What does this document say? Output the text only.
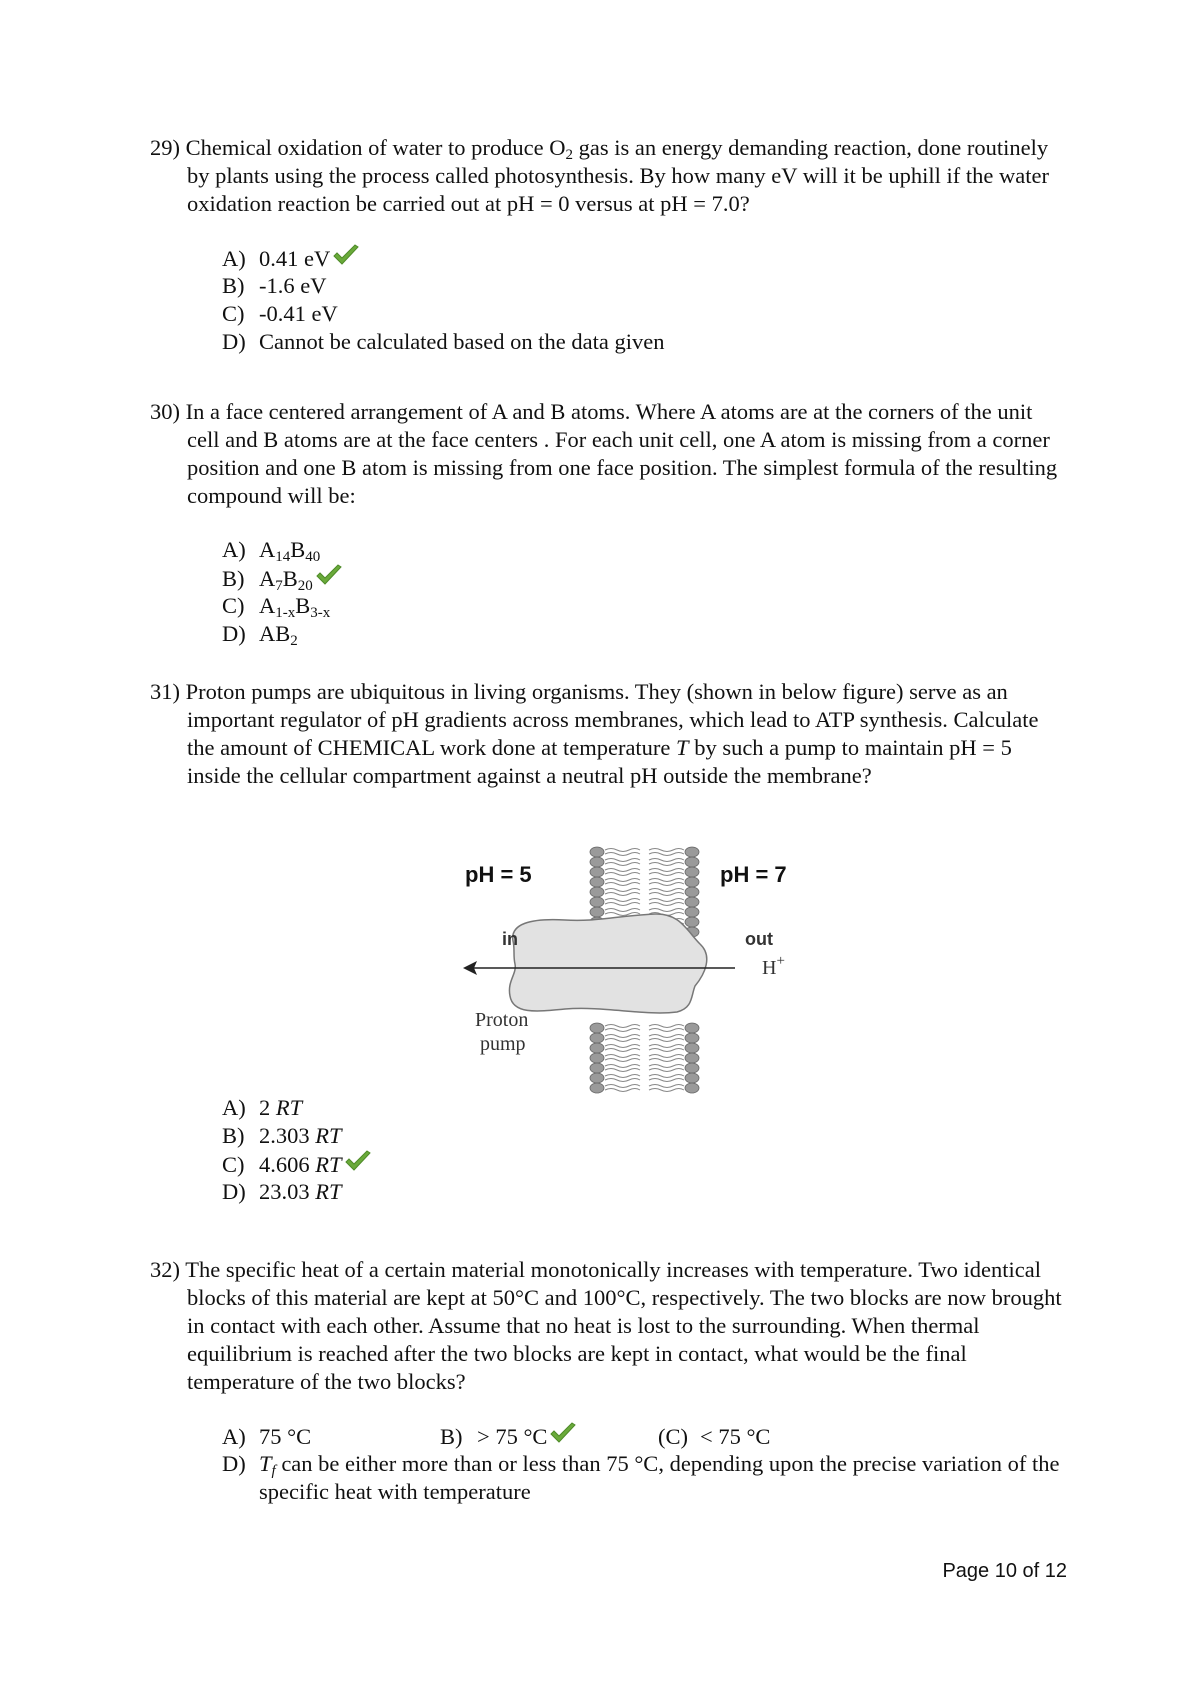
29) Chemical oxidation of water to produce $O_2$ gas is an energy demanding reaction, done routinely by plants using the process called photosynthesis. By how many eV will it be uphill if the water oxidation reaction be carried out at pH = 0 versus at pH = 7.0?

A) 0.41 eV
B) -1.6 eV
C) -0.41 eV
D) Cannot be calculated based on the data given

30) In a face centered arrangement of A and B atoms. Where A atoms are at the corners of the unit cell and B atoms are at the face centers . For each unit cell, one A atom is missing from a corner position and one B atom is missing from one face position. The simplest formula of the resulting compound will be:

A) $A_{14}B_{40}$
B) $A_7B_{20}$
C) $A_{1-x}B_{3-x}$
D) $AB_2$

31) Proton pumps are ubiquitous in living organisms. They (shown in below figure) serve as an important regulator of pH gradients across membranes, which lead to ATP synthesis. Calculate the amount of CHEMICAL work done at temperature T by such a pump to maintain pH = 5 inside the cellular compartment against a neutral pH outside the membrane?

pH = 5	pH = 7
in	out
H+
Proton
pump
A) 2
RT
B) 2.303
RT
C) 4.606
RT
D) 23.03
RT

32) The specific heat of a certain material monotonically increases with temperature. Two identical blocks of this material are kept at 50°C and 100°C, respectively. The two blocks are now brought in contact with each other. Assume that no heat is lost to the surrounding. When thermal equilibrium is reached after the two blocks are kept in contact, what would be the final temperature of the two blocks?

A) 75 °C	B) > 75 °C	(C) < 75 °C
D) $T_f$ can be either more than or less than 75 °C, depending upon the precise variation of the specific heat with temperature
Page 10 of 12
